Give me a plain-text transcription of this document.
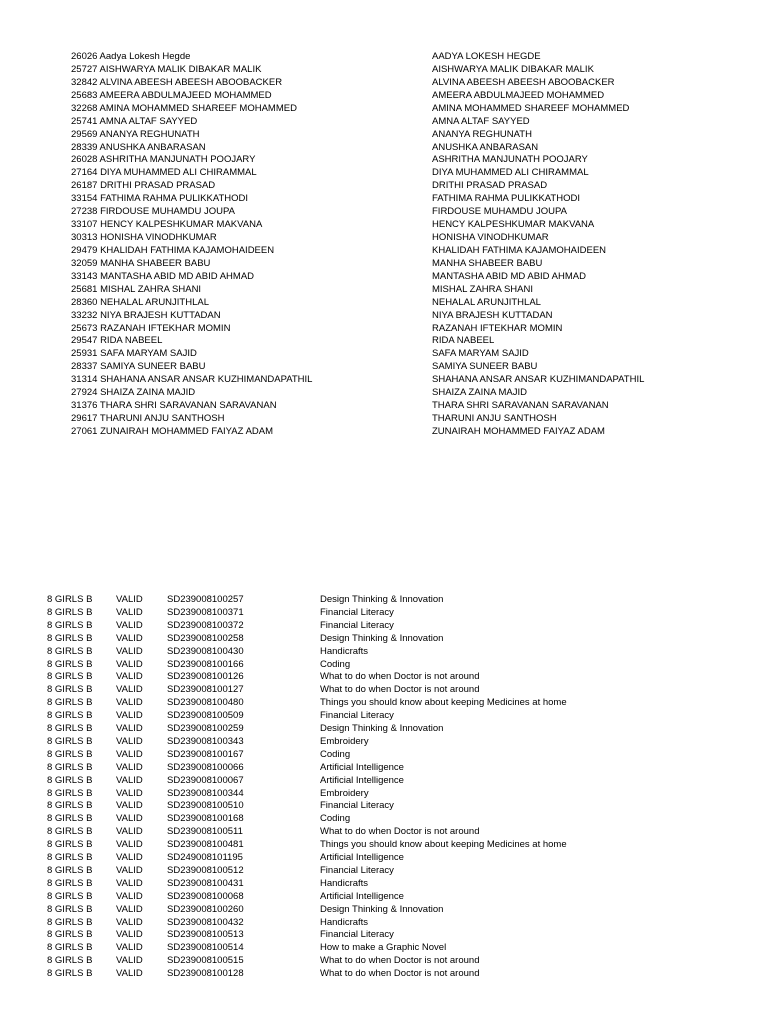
26026 Aadya Lokesh Hegde	AADYA LOKESH HEGDE
25727 AISHWARYA MALIK DIBAKAR MALIK	AISHWARYA MALIK DIBAKAR MALIK
32842 ALVINA ABEESH ABEESH ABOOBACKER	ALVINA ABEESH ABEESH ABOOBACKER
25683 AMEERA ABDULMAJEED MOHAMMED	AMEERA ABDULMAJEED MOHAMMED
32268 AMINA MOHAMMED SHAREEF MOHAMMED	AMINA MOHAMMED SHAREEF MOHAMMED
25741 AMNA ALTAF SAYYED	AMNA ALTAF SAYYED
29569 ANANYA REGHUNATH	ANANYA REGHUNATH
28339 ANUSHKA ANBARASAN	ANUSHKA ANBARASAN
26028 ASHRITHA MANJUNATH POOJARY	ASHRITHA MANJUNATH POOJARY
27164 DIYA MUHAMMED ALI CHIRAMMAL	DIYA MUHAMMED ALI CHIRAMMAL
26187 DRITHI PRASAD PRASAD	DRITHI PRASAD PRASAD
33154 FATHIMA RAHMA PULIKKATHODI	FATHIMA RAHMA PULIKKATHODI
27238 FIRDOUSE MUHAMDU JOUPA	FIRDOUSE MUHAMDU JOUPA
33107 HENCY KALPESHKUMAR MAKVANA	HENCY KALPESHKUMAR MAKVANA
30313 HONISHA VINODHKUMAR	HONISHA VINODHKUMAR
29479 KHALIDAH FATHIMA KAJAMOHAIDEEN	KHALIDAH FATHIMA KAJAMOHAIDEEN
32059 MANHA SHABEER BABU	MANHA SHABEER BABU
33143 MANTASHA ABID MD ABID AHMAD	MANTASHA ABID MD ABID AHMAD
25681 MISHAL ZAHRA SHANI	MISHAL ZAHRA SHANI
28360 NEHALAL ARUNJITHLAL	NEHALAL ARUNJITHLAL
33232 NIYA BRAJESH KUTTADAN	NIYA BRAJESH KUTTADAN
25673 RAZANAH IFTEKHAR MOMIN	RAZANAH IFTEKHAR MOMIN
29547 RIDA NABEEL	RIDA NABEEL
25931 SAFA MARYAM SAJID	SAFA MARYAM SAJID
28337 SAMIYA SUNEER BABU	SAMIYA SUNEER BABU
31314 SHAHANA ANSAR ANSAR KUZHIMANDAPATHIL	SHAHANA ANSAR ANSAR KUZHIMANDAPATHIL
27924 SHAIZA ZAINA MAJID	SHAIZA ZAINA MAJID
31376 THARA SHRI SARAVANAN SARAVANAN	THARA SHRI SARAVANAN SARAVANAN
29617 THARUNI ANJU SANTHOSH	THARUNI ANJU SANTHOSH
27061 ZUNAIRAH MOHAMMED FAIYAZ ADAM	ZUNAIRAH MOHAMMED FAIYAZ ADAM
8 GIRLS B VALID	SD239008100257	Design Thinking & Innovation
8 GIRLS B VALID	SD239008100371	Financial Literacy
8 GIRLS B VALID	SD239008100372	Financial Literacy
8 GIRLS B VALID	SD239008100258	Design Thinking & Innovation
8 GIRLS B VALID	SD239008100430	Handicrafts
8 GIRLS B VALID	SD239008100166	Coding
8 GIRLS B VALID	SD239008100126	What to do when Doctor is not around
8 GIRLS B VALID	SD239008100127	What to do when Doctor is not around
8 GIRLS B VALID	SD239008100480	Things you should know about keeping Medicines at home
8 GIRLS B VALID	SD239008100509	Financial Literacy
8 GIRLS B VALID	SD239008100259	Design Thinking & Innovation
8 GIRLS B VALID	SD239008100343	Embroidery
8 GIRLS B VALID	SD239008100167	Coding
8 GIRLS B VALID	SD239008100066	Artificial Intelligence
8 GIRLS B VALID	SD239008100067	Artificial Intelligence
8 GIRLS B VALID	SD239008100344	Embroidery
8 GIRLS B VALID	SD239008100510	Financial Literacy
8 GIRLS B VALID	SD239008100168	Coding
8 GIRLS B VALID	SD239008100511	What to do when Doctor is not around
8 GIRLS B VALID	SD239008100481	Things you should know about keeping Medicines at home
8 GIRLS B VALID	SD249008101195	Artificial Intelligence
8 GIRLS B VALID	SD239008100512	Financial Literacy
8 GIRLS B VALID	SD239008100431	Handicrafts
8 GIRLS B VALID	SD239008100068	Artificial Intelligence
8 GIRLS B VALID	SD239008100260	Design Thinking & Innovation
8 GIRLS B VALID	SD239008100432	Handicrafts
8 GIRLS B VALID	SD239008100513	Financial Literacy
8 GIRLS B VALID	SD239008100514	How to make a Graphic Novel
8 GIRLS B VALID	SD239008100515	What to do when Doctor is not around
8 GIRLS B VALID	SD239008100128	What to do when Doctor is not around
